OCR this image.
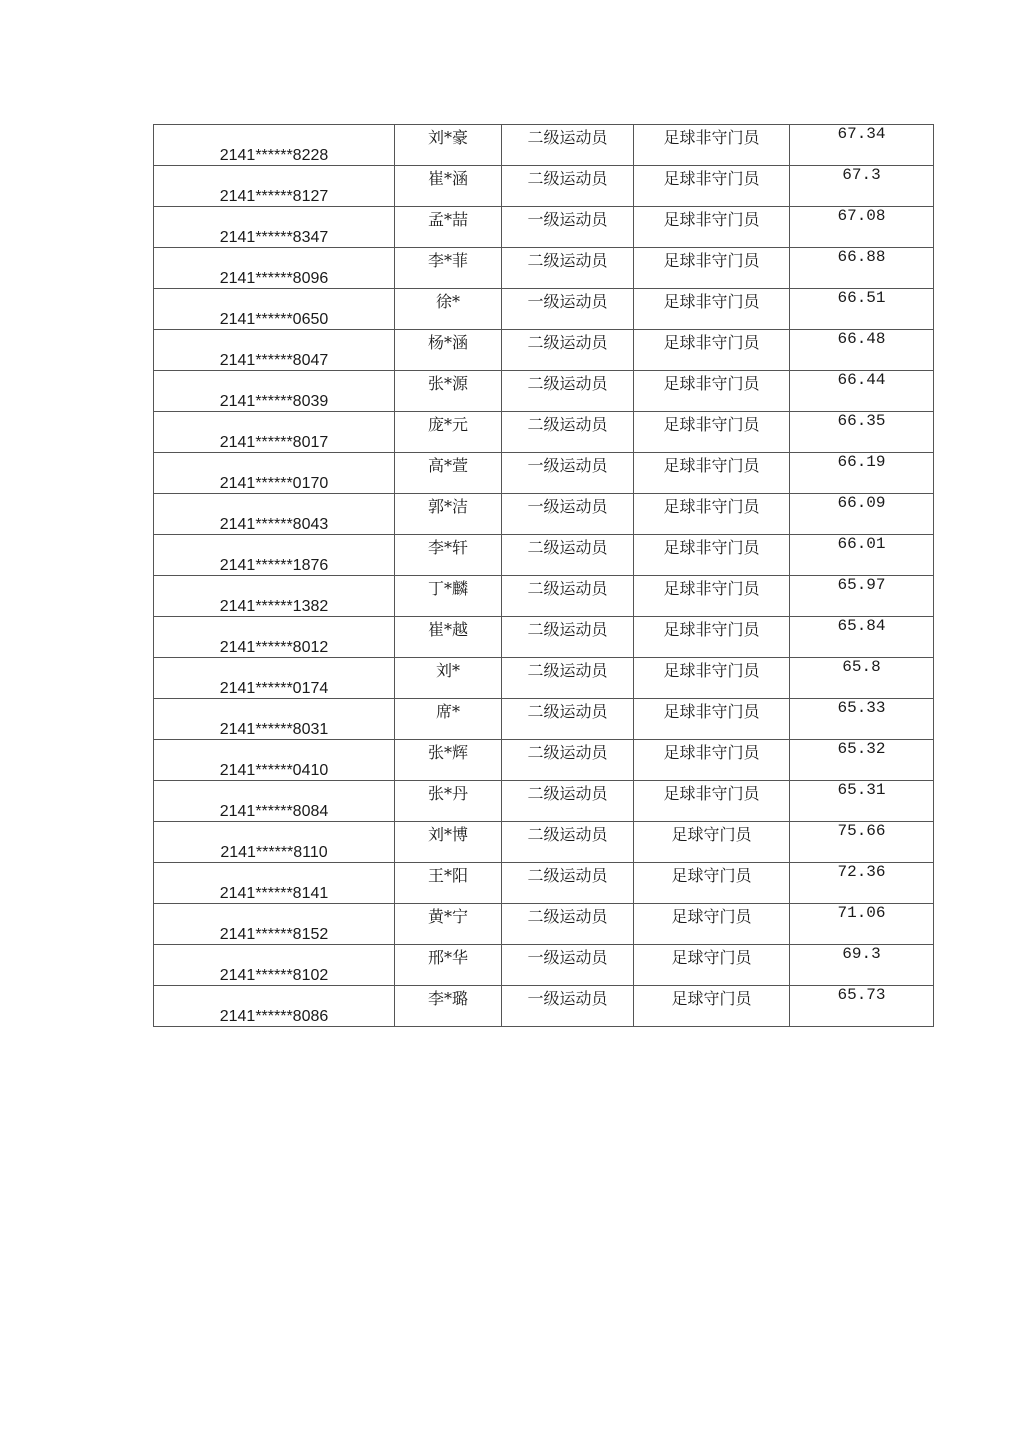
2141******8228	刘*豪	二级运动员	足球非守门员	67.34
2141******8127	崔*涵	二级运动员	足球非守门员	67.3
2141******8347	孟*喆	一级运动员	足球非守门员	67.08
2141******8096	李*菲	二级运动员	足球非守门员	66.88
2141******0650	徐*	一级运动员	足球非守门员	66.51
2141******8047	杨*涵	二级运动员	足球非守门员	66.48
2141******8039	张*源	二级运动员	足球非守门员	66.44
2141******8017	庞*元	二级运动员	足球非守门员	66.35
2141******0170	高*萱	一级运动员	足球非守门员	66.19
2141******8043	郭*洁	一级运动员	足球非守门员	66.09
2141******1876	李*轩	二级运动员	足球非守门员	66.01
2141******1382	丁*麟	二级运动员	足球非守门员	65.97
2141******8012	崔*越	二级运动员	足球非守门员	65.84
2141******0174	刘*	二级运动员	足球非守门员	65.8
2141******8031	席*	二级运动员	足球非守门员	65.33
2141******0410	张*辉	二级运动员	足球非守门员	65.32
2141******8084	张*丹	二级运动员	足球非守门员	65.31
2141******8110	刘*博	二级运动员	足球守门员	75.66
2141******8141	王*阳	二级运动员	足球守门员	72.36
2141******8152	黄*宁	二级运动员	足球守门员	71.06
2141******8102	邢*华	一级运动员	足球守门员	69.3
2141******8086	李*璐	一级运动员	足球守门员	65.73
